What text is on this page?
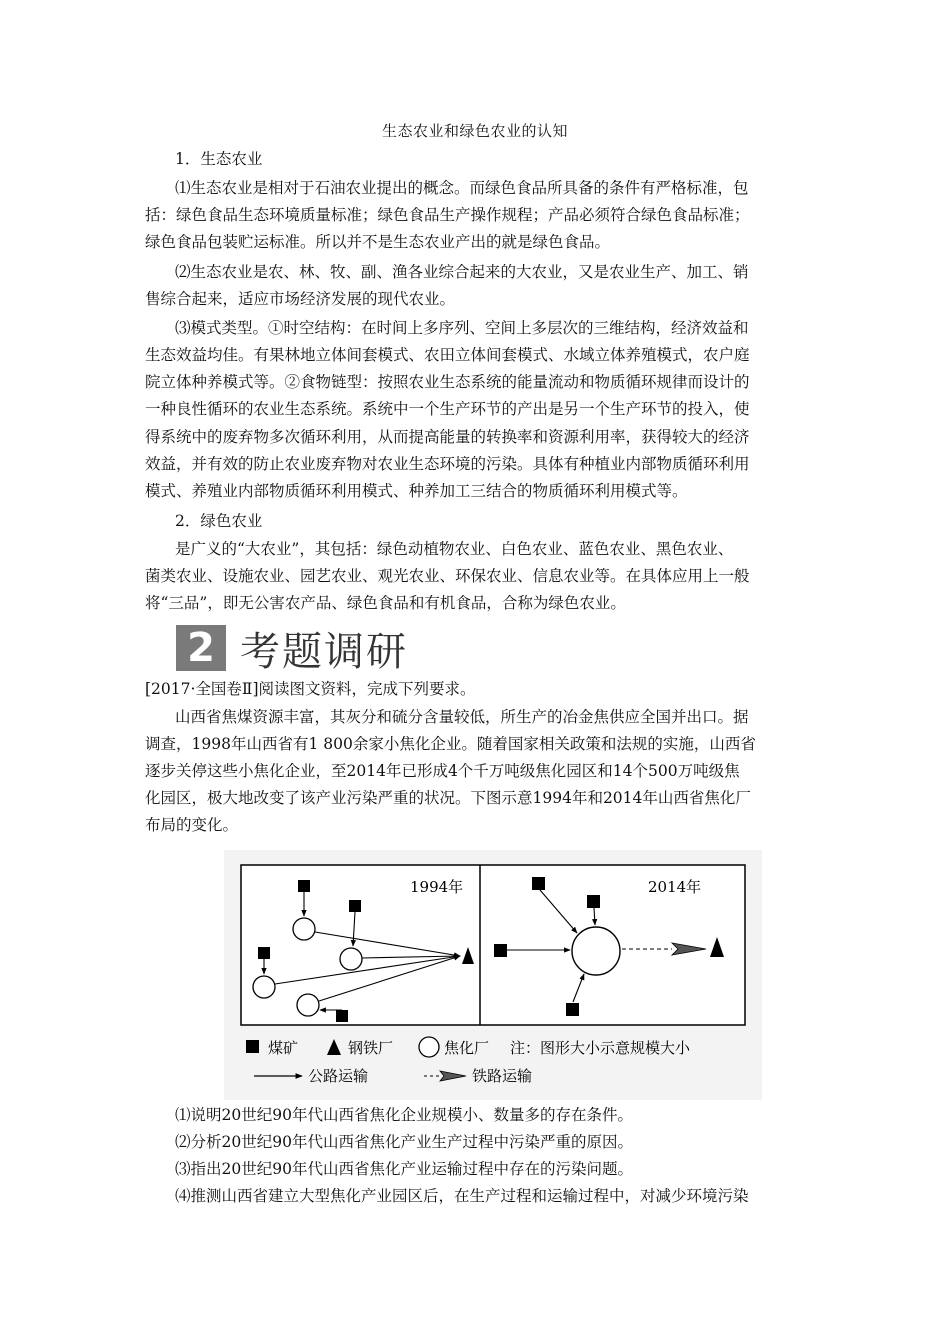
生态农业和绿色农业的认知
1．生态农业
⑴生态农业是相对于石油农业提出的概念。而绿色食品所具备的条件有严格标准，包
括：绿色食品生态环境质量标准；绿色食品生产操作规程；产品必须符合绿色食品标准；
绿色食品包装贮运标准。所以并不是生态农业产出的就是绿色食品。
⑵生态农业是农、林、牧、副、渔各业综合起来的大农业，又是农业生产、加工、销
售综合起来，适应市场经济发展的现代农业。
⑶模式类型。①时空结构：在时间上多序列、空间上多层次的三维结构，经济效益和
生态效益均佳。有果林地立体间套模式、农田立体间套模式、水域立体养殖模式，农户庭
院立体种养模式等。②食物链型：按照农业生态系统的能量流动和物质循环规律而设计的
一种良性循环的农业生态系统。系统中一个生产环节的产出是另一个生产环节的投入，使
得系统中的废弃物多次循环利用，从而提高能量的转换率和资源利用率，获得较大的经济
效益，并有效的防止农业废弃物对农业生态环境的污染。具体有种植业内部物质循环利用
模式、养殖业内部物质循环利用模式、种养加工三结合的物质循环利用模式等。
2．绿色农业
是广义的“大农业”，其包括：绿色动植物农业、白色农业、蓝色农业、黑色农业、
菌类农业、设施农业、园艺农业、观光农业、环保农业、信息农业等。在具体应用上一般
将“三品”，即无公害农产品、绿色食品和有机食品，合称为绿色农业。
2 考题调研
[2017·全国卷Ⅱ]阅读图文资料，完成下列要求。
山西省焦煤资源丰富，其灰分和硫分含量较低，所生产的冶金焦供应全国并出口。据
调查，1998年山西省有1 800余家小焦化企业。随着国家相关政策和法规的实施，山西省
逐步关停这些小焦化企业，至2014年已形成4个千万吨级焦化园区和14个500万吨级焦
化园区，极大地改变了该产业污染严重的状况。下图示意1994年和2014年山西省焦化厂
布局的变化。
1994年	2014年
煤矿	钢铁厂	焦化厂 注：图形大小示意规模大小
公路运输	铁路运输
⑴说明20世纪90年代山西省焦化企业规模小、数量多的存在条件。
⑵分析20世纪90年代山西省焦化产业生产过程中污染严重的原因。
⑶指出20世纪90年代山西省焦化产业运输过程中存在的污染问题。
⑷推测山西省建立大型焦化产业园区后，在生产过程和运输过程中，对减少环境污染
